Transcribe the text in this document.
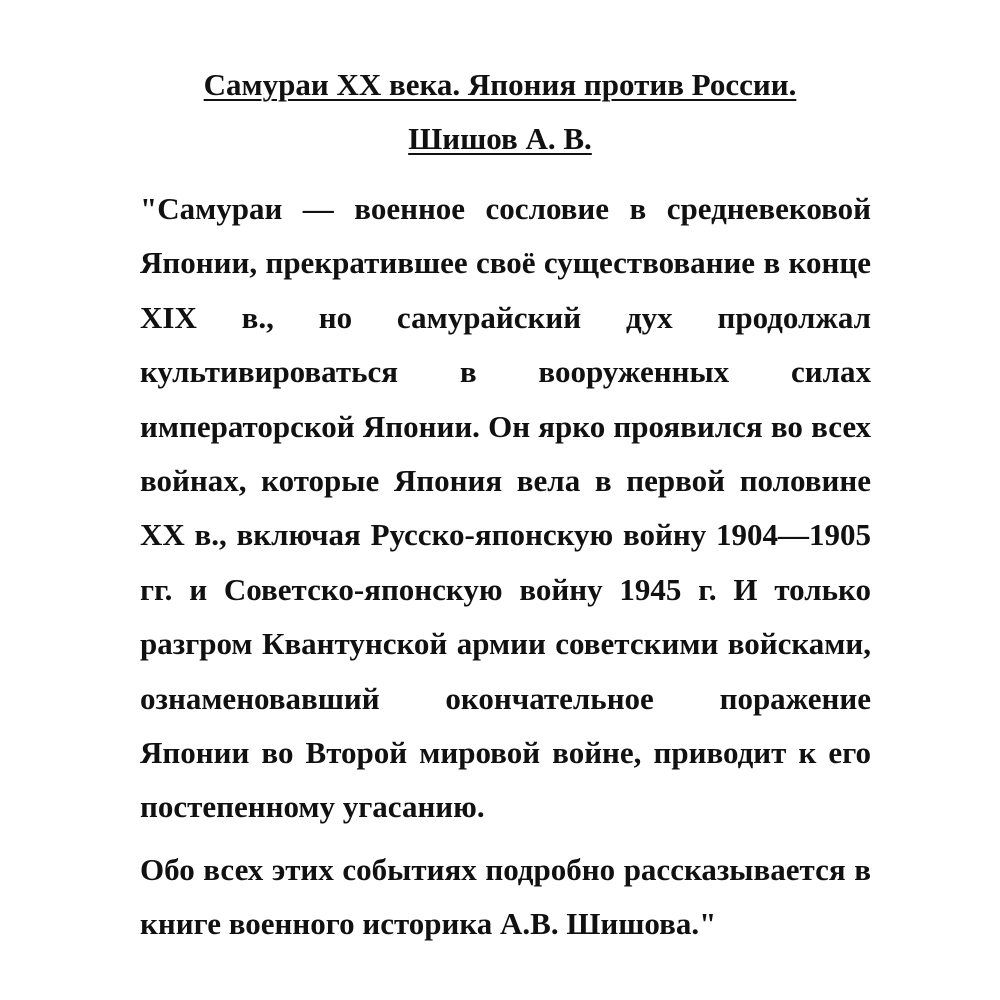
Самураи XX века. Япония против России.
Шишов А. В.

"Самураи — военное сословие в средневековой Японии, прекратившее своё существование в конце XIX в., но самурайский дух продолжал культивироваться в вооруженных силах императорской Японии. Он ярко проявился во всех войнах, которые Япония вела в первой половине XX в., включая Русско-японскую войну 1904—1905 гг. и Советско-японскую войну 1945 г. И только разгром Квантунской армии советскими войсками, ознаменовавший окончательное поражение Японии во Второй мировой войне, приводит к его постепенному угасанию.

Обо всех этих событиях подробно рассказывается в книге военного историка А.В. Шишова."
